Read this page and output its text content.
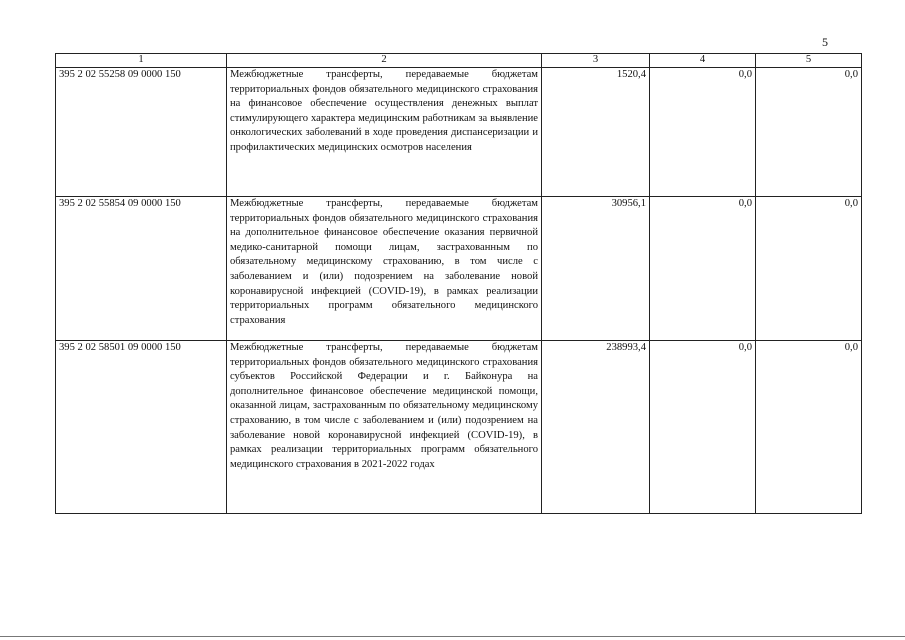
5
1	2	3	4	5
395 2 02 55258 09 0000 150	Межбюджетные трансферты, передаваемые бюджетам территориальных фондов обязательного медицинского страхования на финансовое обеспечение осуществления денежных выплат стимулирующего характера медицинским работникам за выявление онкологических заболеваний в ходе проведения диспансеризации и профилактических медицинских осмотров населения	1520,4	0,0	0,0
395 2 02 55854 09 0000 150	Межбюджетные трансферты, передаваемые бюджетам территориальных фондов обязательного медицинского страхования на дополнительное финансовое обеспечение оказания первичной медико-санитарной помощи лицам, застрахованным по обязательному медицинскому страхованию, в том числе с заболеванием и (или) подозрением на заболевание новой коронавирусной инфекцией (COVID-19), в рамках реализации территориальных программ обязательного медицинского страхования	30956,1	0,0	0,0
395 2 02 58501 09 0000 150	Межбюджетные трансферты, передаваемые бюджетам территориальных фондов обязательного медицинского страхования субъектов Российской Федерации и г. Байконура на дополнительное финансовое обеспечение медицинской помощи, оказанной лицам, застрахованным по обязательному медицинскому страхованию, в том числе с заболеванием и (или) подозрением на заболевание новой коронавирусной инфекцией (COVID-19), в рамках реализации территориальных программ обязательного медицинского страхования в 2021-2022 годах	238993,4	0,0	0,0
